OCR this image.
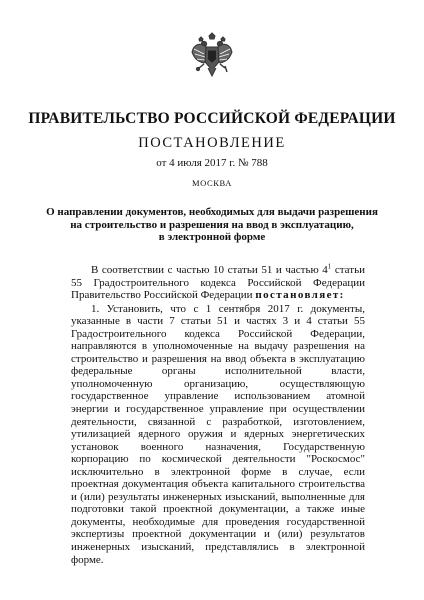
ПРАВИТЕЛЬСТВО РОССИЙСКОЙ ФЕДЕРАЦИИ
ПОСТАНОВЛЕНИЕ
от 4 июля 2017 г. № 788
МОСКВА
О направлении документов, необходимых для выдачи разрешения
на строительство и разрешения на ввод в эксплуатацию,
в электронной форме

В соответствии с частью 10 статьи 51 и частью $4^1$ статьи 55 Градостроительного кодекса Российской Федерации Правительство Российской Федерации постановляет:

1. Установить, что с 1 сентября 2017 г. документы, указанные в части 7 статьи 51 и частях 3 и 4 статьи 55 Градостроительного кодекса Российской Федерации, направляются в уполномоченные на выдачу разрешения на строительство и разрешения на ввод объекта в эксплуатацию федеральные органы исполнительной власти, уполномоченную организацию, осуществляющую государственное управление использованием атомной энергии и государственное управление при осуществлении деятельности, связанной с разработкой, изготовлением, утилизацией ядерного оружия и ядерных энергетических установок военного назначения, Государственную корпорацию по космической деятельности "Роскосмос" исключительно в электронной форме в случае, если проектная документация объекта капитального строительства и (или) результаты инженерных изысканий, выполненные для подготовки такой проектной документации, а также иные документы, необходимые для проведения государственной экспертизы проектной документации и (или) результатов инженерных изысканий, представлялись в электронной форме.
